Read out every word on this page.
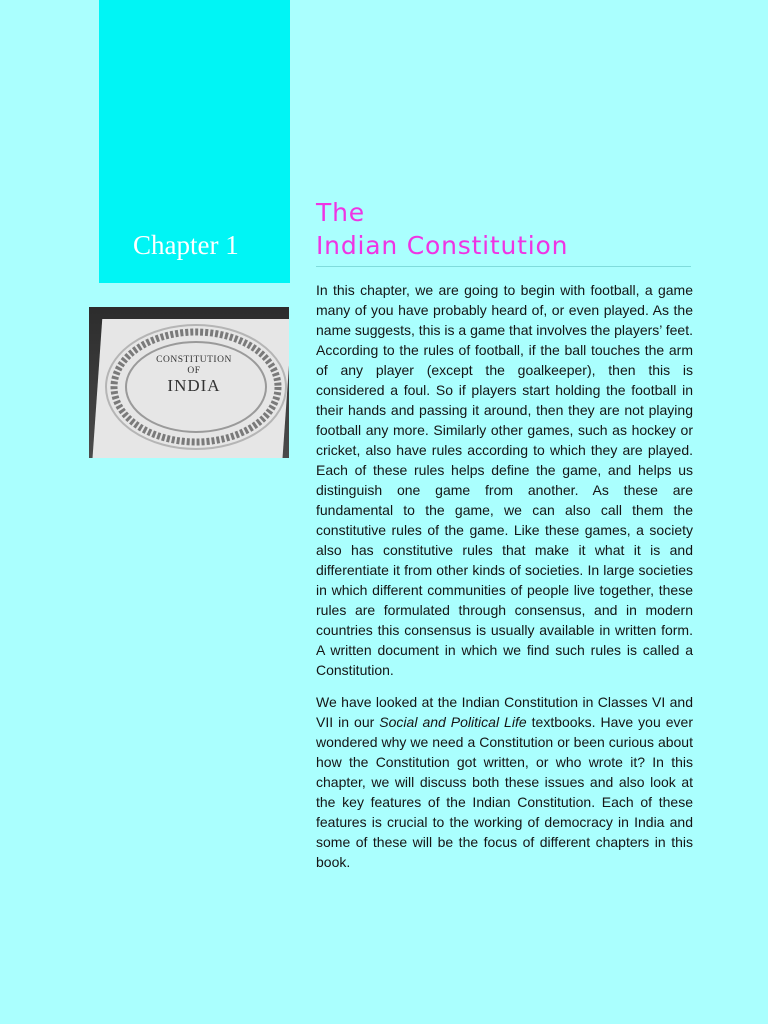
Chapter 1
The
Indian Constitution
CONSTITUTION
OF
INDIA

In this chapter, we are going to begin with football, a game many of you have probably heard of, or even played. As the name suggests, this is a game that involves the players’ feet. According to the rules of football, if the ball touches the arm of any player (except the goalkeeper), then this is considered a foul. So if players start holding the football in their hands and passing it around, then they are not playing football any more. Similarly other games, such as hockey or cricket, also have rules according to which they are played. Each of these rules helps define the game, and helps us distinguish one game from another. As these are fundamental to the game, we can also call them the constitutive rules of the game. Like these games, a society also has constitutive rules that make it what it is and differentiate it from other kinds of societies. In large societies in which different communities of people live together, these rules are formulated through consensus, and in modern countries this consensus is usually available in written form. A written document in which we find such rules is called a Constitution.

We have looked at the Indian Constitution in Classes VI and VII in our Social and Political Life textbooks. Have you ever wondered why we need a Constitution or been curious about how the Constitution got written, or who wrote it? In this chapter, we will discuss both these issues and also look at the key features of the Indian Constitution. Each of these features is crucial to the working of democracy in India and some of these will be the focus of different chapters in this book.
